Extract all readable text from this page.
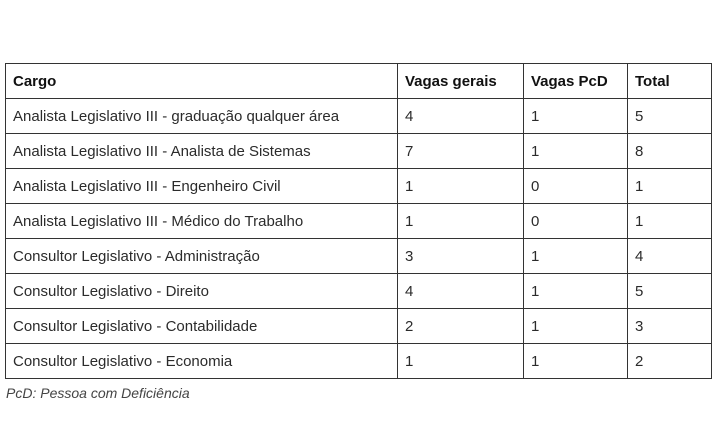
Cargo	Vagas gerais	Vagas PcD	Total
Analista Legislativo III - graduação qualquer área	4	1	5
Analista Legislativo III - Analista de Sistemas	7	1	8
Analista Legislativo III - Engenheiro Civil	1	0	1
Analista Legislativo III - Médico do Trabalho	1	0	1
Consultor Legislativo - Administração	3	1	4
Consultor Legislativo - Direito	4	1	5
Consultor Legislativo - Contabilidade	2	1	3
Consultor Legislativo - Economia	1	1	2
PcD: Pessoa com Deficiência
